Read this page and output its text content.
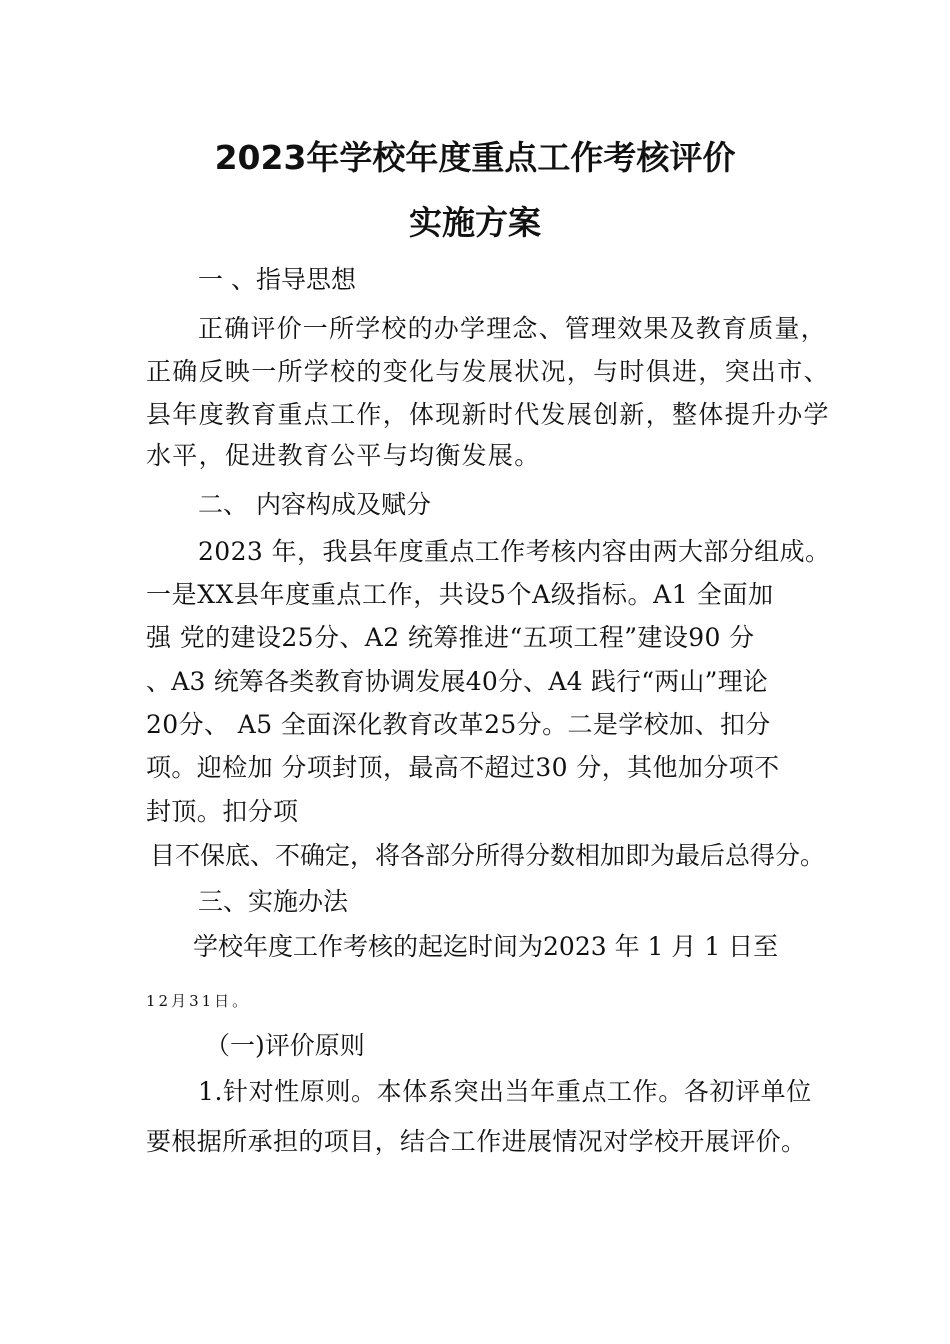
2023年学校年度重点工作考核评价
实施方案
一 、指导思想
正确评价一所学校的办学理念、管理效果及教育质量，
正确反映一所学校的变化与发展状况，与时俱进，突出市、
县年度教育重点工作，体现新时代发展创新，整体提升办学
水平，促进教育公平与均衡发展。
二、 内容构成及赋分
2023 年，我县年度重点工作考核内容由两大部分组成。
一是XX县年度重点工作，共设5个A级指标。A1 全面加
强 党的建设25分、A2 统筹推进“五项工程”建设90 分
、A3 统筹各类教育协调发展40分、A4 践行“两山”理论
20分、 A5 全面深化教育改革25分。二是学校加、扣分
项。迎检加 分项封顶，最高不超过30 分，其他加分项不
封顶。扣分项
目不保底、不确定，将各部分所得分数相加即为最后总得分。
三、实施办法
学校年度工作考核的起迄时间为2023 年 1 月 1 日至
12月31日。
（一)评价原则
1.针对性原则。本体系突出当年重点工作。各初评单位
要根据所承担的项目，结合工作进展情况对学校开展评价。
